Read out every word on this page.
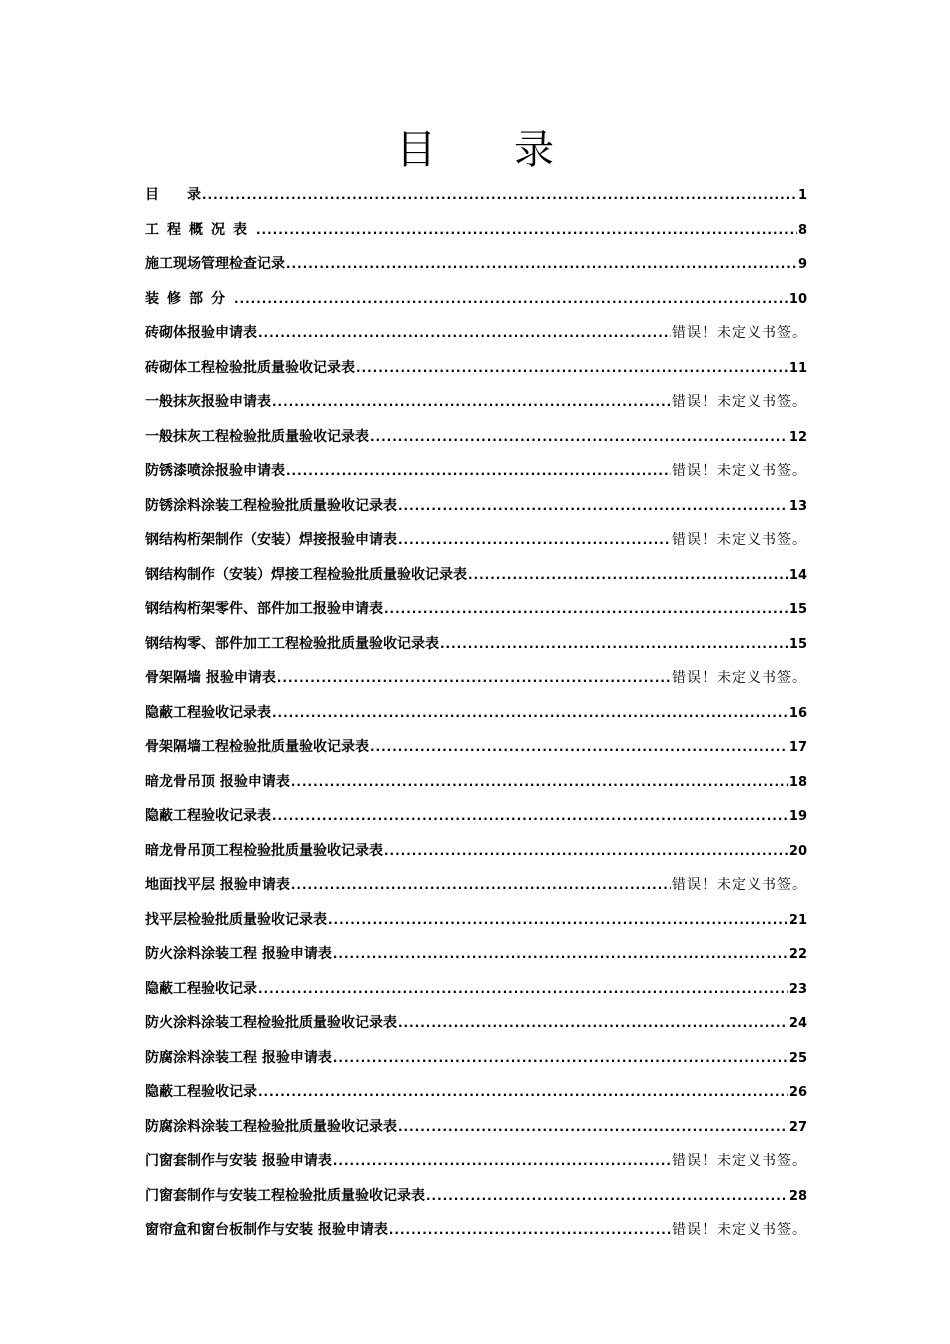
目 录
目　　录 .....	1
工程概况表 .....	8
施工现场管理检查记录 .....	9
装修部分 .....	10
砖砌体报验申请表 .....	错误！未定义书签。
砖砌体工程检验批质量验收记录表 .....	11
一般抹灰报验申请表 .....	错误！未定义书签。
一般抹灰工程检验批质量验收记录表 .....	12
防锈漆喷涂报验申请表 .....	错误！未定义书签。
防锈涂料涂装工程检验批质量验收记录表 .....	13
钢结构桁架制作（安装）焊接报验申请表 .....	错误！未定义书签。
钢结构制作（安装）焊接工程检验批质量验收记录表 .....	14
钢结构桁架零件、部件加工报验申请表 .....	15
钢结构零、部件加工工程检验批质量验收记录表 .....	15
骨架隔墙 报验申请表 .....	错误！未定义书签。
隐蔽工程验收记录表 .....	16
骨架隔墙工程检验批质量验收记录表 .....	17
暗龙骨吊顶 报验申请表 .....	18
隐蔽工程验收记录表 .....	19
暗龙骨吊顶工程检验批质量验收记录表 .....	20
地面找平层 报验申请表 .....	错误！未定义书签。
找平层检验批质量验收记录表 .....	21
防火涂料涂装工程 报验申请表 .....	22
隐蔽工程验收记录 .....	23
防火涂料涂装工程检验批质量验收记录表 .....	24
防腐涂料涂装工程 报验申请表 .....	25
隐蔽工程验收记录 .....	26
防腐涂料涂装工程检验批质量验收记录表 .....	27
门窗套制作与安装 报验申请表 .....	错误！未定义书签。
门窗套制作与安装工程检验批质量验收记录表 .....	28
窗帘盒和窗台板制作与安装 报验申请表 .....	错误！未定义书签。
